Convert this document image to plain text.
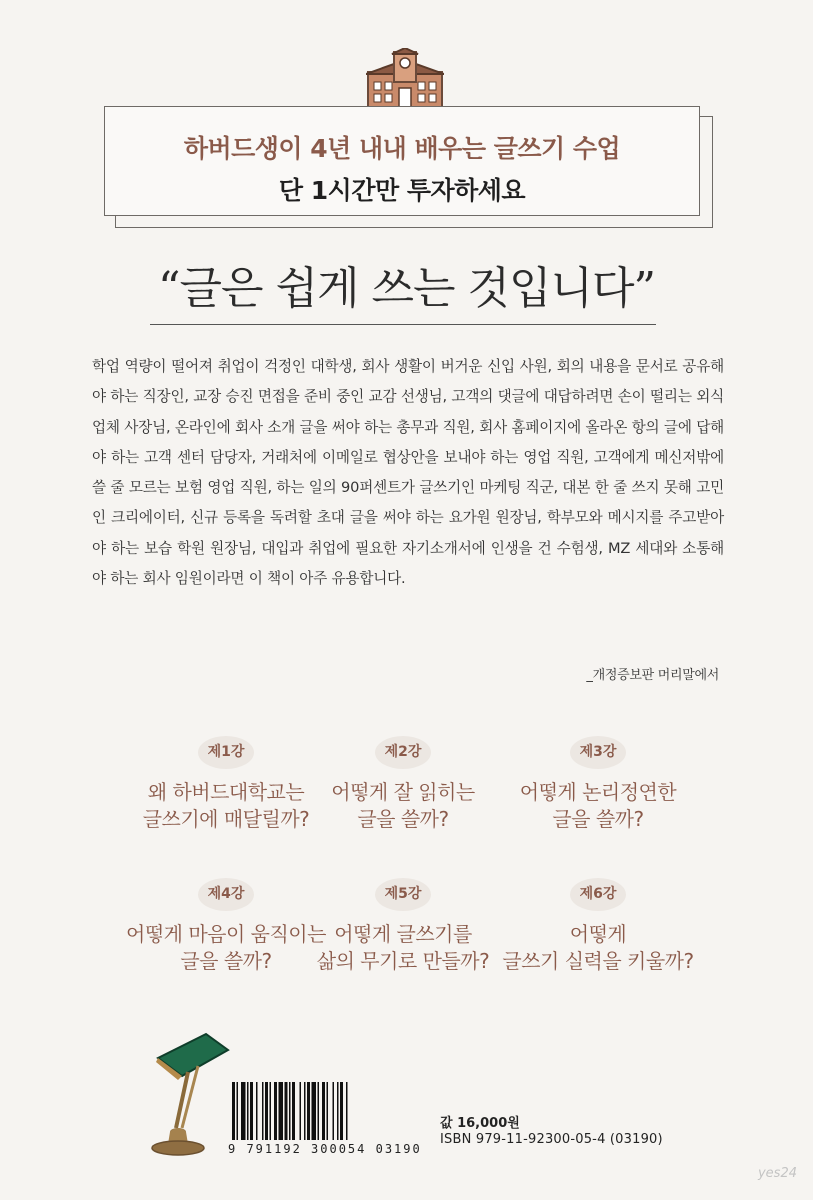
하버드생이 4년 내내 배우는 글쓰기 수업
단 1시간만 투자하세요
“글은 쉽게 쓰는 것입니다”
학업 역량이 떨어져 취업이 걱정인 대학생, 회사 생활이 버거운 신입 사원, 회의 내용을 문서로 공유해야 하는 직장인, 교장 승진 면접을 준비 중인 교감 선생님, 고객의 댓글에 대답하려면 손이 떨리는 외식업체 사장님, 온라인에 회사 소개 글을 써야 하는 총무과 직원, 회사 홈페이지에 올라온 항의 글에 답해야 하는 고객 센터 담당자, 거래처에 이메일로 협상안을 보내야 하는 영업 직원, 고객에게 메신저밖에 쓸 줄 모르는 보험 영업 직원, 하는 일의 90퍼센트가 글쓰기인 마케팅 직군, 대본 한 줄 쓰지 못해 고민인 크리에이터, 신규 등록을 독려할 초대 글을 써야 하는 요가원 원장님, 학부모와 메시지를 주고받아야 하는 보습 학원 원장님, 대입과 취업에 필요한 자기소개서에 인생을 건 수험생, MZ 세대와 소통해야 하는 회사 임원이라면 이 책이 아주 유용합니다.
_개정증보판 머리말에서
제1강
왜 하버드대학교는
글쓰기에 매달릴까?
제2강
어떻게 잘 읽히는
글을 쓸까?
제3강
어떻게 논리정연한
글을 쓸까?
제4강
어떻게 마음이 움직이는
글을 쓸까?
제5강
어떻게 글쓰기를
삶의 무기로 만들까?
제6강
어떻게
글쓰기 실력을 키울까?
9 791192 300054 03190
값 16,000원
ISBN 979-11-92300-05-4 (03190)
yes24
